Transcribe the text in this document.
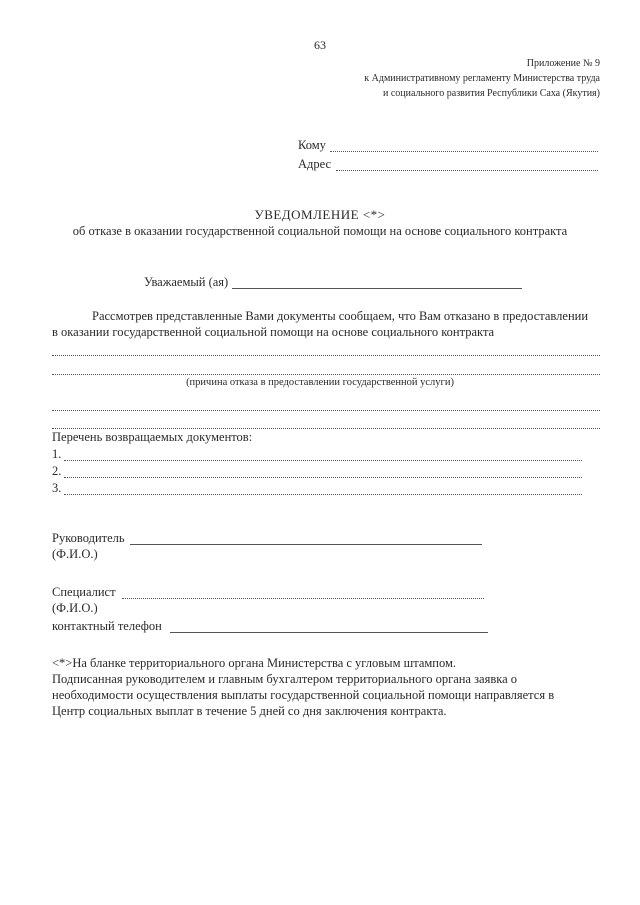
63
Приложение № 9
к Административному регламенту Министерства труда
и социального развития Республики Саха (Якутия)
Кому
Адрес
УВЕДОМЛЕНИЕ <*>
об отказе в оказании государственной социальной помощи на основе социального контракта
Уважаемый (ая)
Рассмотрев представленные Вами документы сообщаем, что Вам отказано в предоставлении
в оказании государственной социальной помощи на основе социального контракта
(причина отказа в предоставлении государственной услуги)
Перечень возвращаемых документов:
1.
2.
3.
Руководитель
(Ф.И.О.)
Специалист
(Ф.И.О.)
контактный телефон
<*>На бланке территориального органа Министерства с угловым штампом.
Подписанная руководителем и главным бухгалтером территориального органа заявка о
необходимости осуществления выплаты государственной социальной помощи направляется в
Центр социальных выплат в течение 5 дней со дня заключения контракта.
